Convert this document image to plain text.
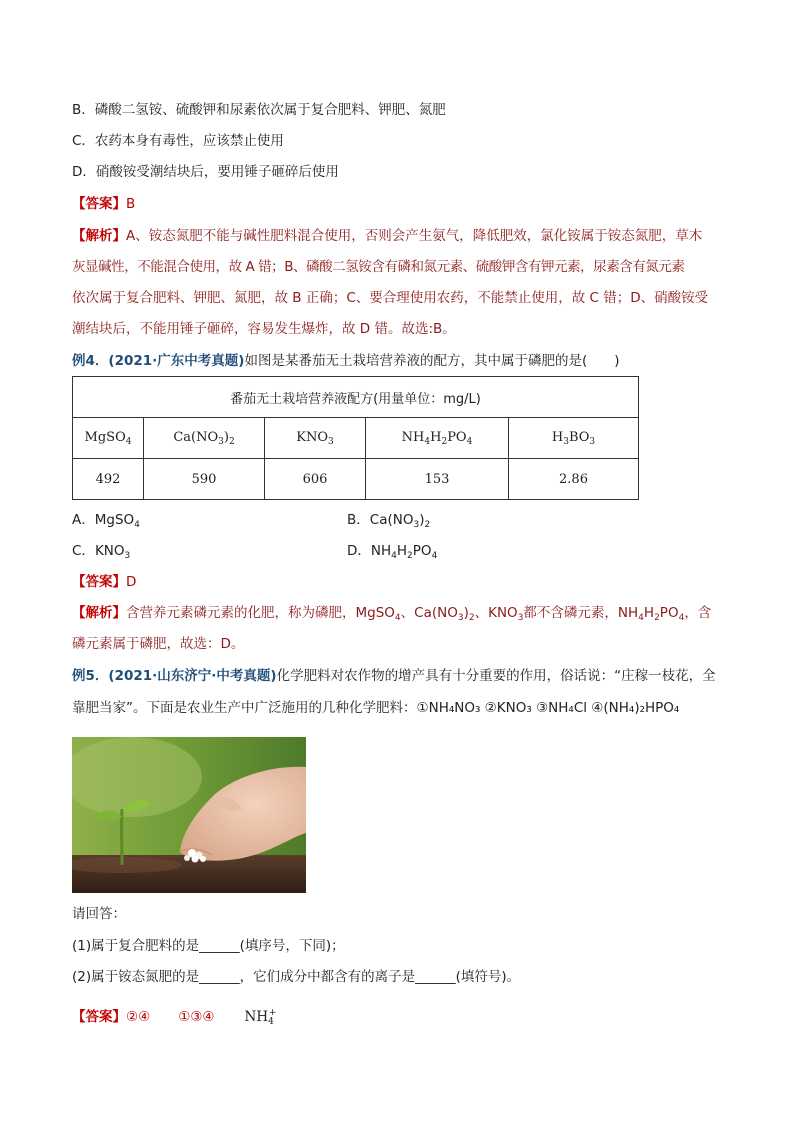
B．磷酸二氢铵、硫酸钾和尿素依次属于复合肥料、钾肥、氮肥
C．农药本身有毒性，应该禁止使用
D．硝酸铵受潮结块后，要用锤子砸碎后使用
【答案】B
【解析】A、铵态氮肥不能与碱性肥料混合使用，否则会产生氨气，降低肥效，氯化铵属于铵态氮肥，草木
灰显碱性，不能混合使用，故 A 错；B、磷酸二氢铵含有磷和氮元素、硫酸钾含有钾元素，尿素含有氮元素
依次属于复合肥料、钾肥、氮肥，故 B 正确；C、要合理使用农药，不能禁止使用，故 C 错；D、硝酸铵受
潮结块后，不能用锤子砸碎，容易发生爆炸，故 D 错。故选:B。
例4．(2021·广东中考真题)如图是某番茄无土栽培营养液的配方，其中属于磷肥的是(　　)
番茄无土栽培营养液配方(用量单位：mg/L)				
MgSO$_4$	$Ca(NO_3)_2$	$KNO_3$	$NH_4H_2PO_4$	$H_3BO_3$
492	590	606	153	2.86
A．MgSO$_4$	B．$Ca(NO_3)_2$
C．$KNO_3$	D．$NH_4H_2PO_4$
【答案】D
【解析】含营养元素磷元素的化肥，称为磷肥，MgSO$_4$、$Ca(NO_3)_2$、$KNO_3$都不含磷元素，$NH_4H_2PO_4$，含
磷元素属于磷肥，故选：D。
例5．(2021·山东济宁·中考真题)化学肥料对农作物的增产具有十分重要的作用，俗话说：“庄稼一枝花，全
靠肥当家”。下面是农业生产中广泛施用的几种化学肥料：①NH₄NO₃ ②KNO₃ ③NH₄Cl ④(NH₄)₂HPO₄
请回答：
(1)属于复合肥料的是______(填序号，下同)；
(2)属于铵态氮肥的是______，它们成分中都含有的离子是______(填符号)。
【答案】②④ ①③④ $NH_4^+$
